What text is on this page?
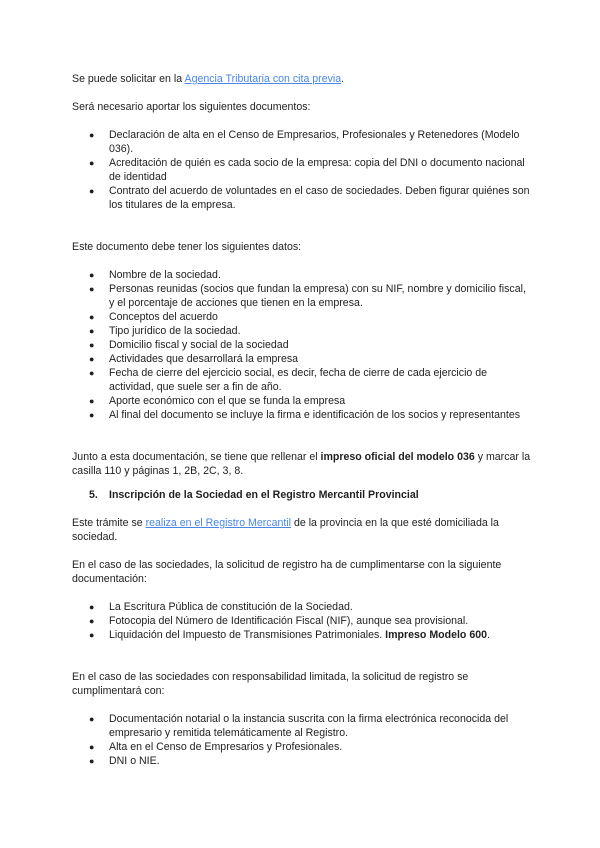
Se puede solicitar en la Agencia Tributaria con cita previa.

Será necesario aportar los siguientes documentos:

● Declaración de alta en el Censo de Empresarios, Profesionales y Retenedores (Modelo 036).
● Acreditación de quién es cada socio de la empresa: copia del DNI o documento nacional de identidad
● Contrato del acuerdo de voluntades en el caso de sociedades. Deben figurar quiénes son los titulares de la empresa.

Este documento debe tener los siguientes datos:

● Nombre de la sociedad.
● Personas reunidas (socios que fundan la empresa) con su NIF, nombre y domicilio fiscal, y el porcentaje de acciones que tienen en la empresa.
● Conceptos del acuerdo
● Tipo jurídico de la sociedad.
● Domicilio fiscal y social de la sociedad
● Actividades que desarrollará la empresa
● Fecha de cierre del ejercicio social, es decir, fecha de cierre de cada ejercicio de actividad, que suele ser a fin de año.
● Aporte económico con el que se funda la empresa
● Al final del documento se incluye la firma e identificación de los socios y representantes

Junto a esta documentación, se tiene que rellenar el impreso oficial del modelo 036 y marcar la casilla 110 y páginas 1, 2B, 2C, 3, 8.

5. Inscripción de la Sociedad en el Registro Mercantil Provincial

Este trámite se realiza en el Registro Mercantil de la provincia en la que esté domiciliada la sociedad.

En el caso de las sociedades, la solicitud de registro ha de cumplimentarse con la siguiente documentación:

● La Escritura Pública de constitución de la Sociedad.
● Fotocopia del Número de Identificación Fiscal (NIF), aunque sea provisional.
● Liquidación del Impuesto de Transmisiones Patrimoniales. Impreso Modelo 600.

En el caso de las sociedades con responsabilidad limitada, la solicitud de registro se cumplimentará con:

● Documentación notarial o la instancia suscrita con la firma electrónica reconocida del empresario y remitida telemáticamente al Registro.
● Alta en el Censo de Empresarios y Profesionales.
● DNI o NIE.
